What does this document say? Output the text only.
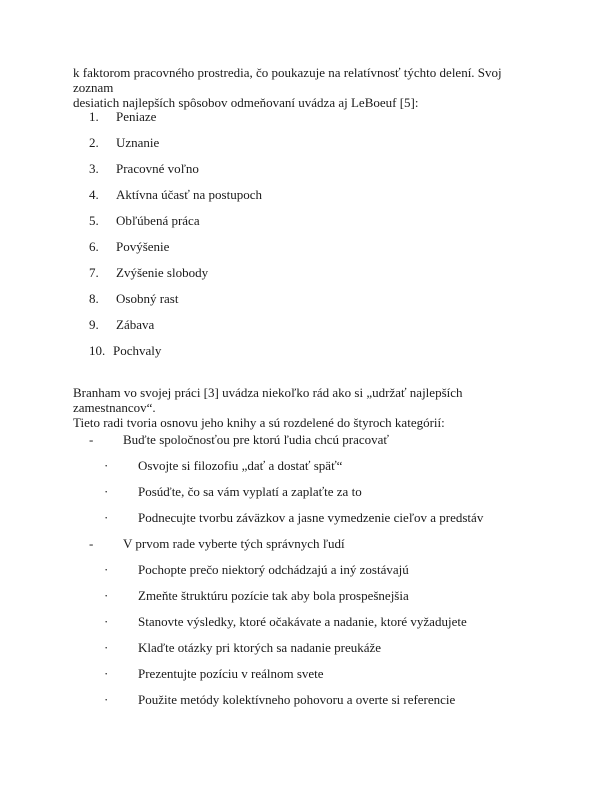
k faktorom pracovného prostredia, čo poukazuje na relatívnosť týchto delení. Svoj zoznam
desiatich najlepších spôsobov odmeňovaní uvádza aj LeBoeuf [5]:
1. Peniaze
2. Uznanie
3. Pracovné voľno
4. Aktívna účasť na postupoch
5. Obľúbená práca
6. Povýšenie
7. Zvýšenie slobody
8. Osobný rast
9. Zábava
10. Pochvaly
Branham vo svojej práci [3] uvádza niekoľko rád ako si „udržať najlepších zamestnancov“.
Tieto radi tvoria osnovu jeho knihy a sú rozdelené do štyroch kategórií:
- Buďte spoločnosťou pre ktorú ľudia chcú pracovať
· Osvojte si filozofiu „dať a dostať späť“
· Posúďte, čo sa vám vyplatí a zaplaťte za to
· Podnecujte tvorbu záväzkov a jasne vymedzenie cieľov a predstáv
- V prvom rade vyberte tých správnych ľudí
· Pochopte prečo niektorý odchádzajú a iný zostávajú
· Zmeňte štruktúru pozície tak aby bola prospešnejšia
· Stanovte výsledky, ktoré očakávate a nadanie, ktoré vyžadujete
· Klaďte otázky pri ktorých sa nadanie preukáže
· Prezentujte pozíciu v reálnom svete
· Použite metódy kolektívneho pohovoru a overte si referencie
